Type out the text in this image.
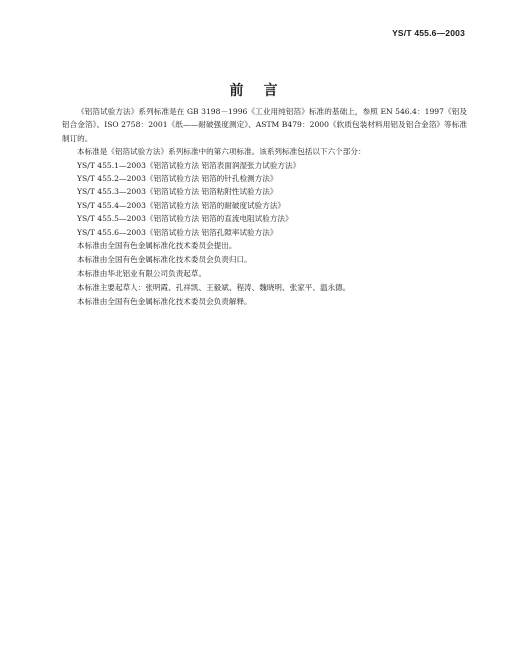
YS/T 455.6—2003
前言

《铝箔试验方法》系列标准是在 GB 3198－1996《工业用纯铝箔》标准的基础上，参照 EN 546.4：1997《铝及铝合金箔》、ISO 2758：2001《纸——耐破强度测定》、ASTM B479：2000《软质包装材料用铝及铝合金箔》等标准制订的。

本标准是《铝箔试验方法》系列标准中的第六项标准。该系列标准包括以下六个部分：

YS/T 455.1—2003《铝箔试验方法 铝箔表面润湿张力试验方法》

YS/T 455.2—2003《铝箔试验方法 铝箔的针孔检测方法》

YS/T 455.3—2003《铝箔试验方法 铝箔粘附性试验方法》

YS/T 455.4—2003《铝箔试验方法 铝箔的耐破度试验方法》

YS/T 455.5—2003《铝箔试验方法 铝箔的直流电阻试验方法》

YS/T 455.6—2003《铝箔试验方法 铝箔孔隙率试验方法》

本标准由全国有色金属标准化技术委员会提出。

本标准由全国有色金属标准化技术委员会负责归口。

本标准由华北铝业有限公司负责起草。

本标准主要起草人：张明霞、孔祥凯、王毅斌、程涛、魏晓明、张家平、温永德。

本标准由全国有色金属标准化技术委员会负责解释。
